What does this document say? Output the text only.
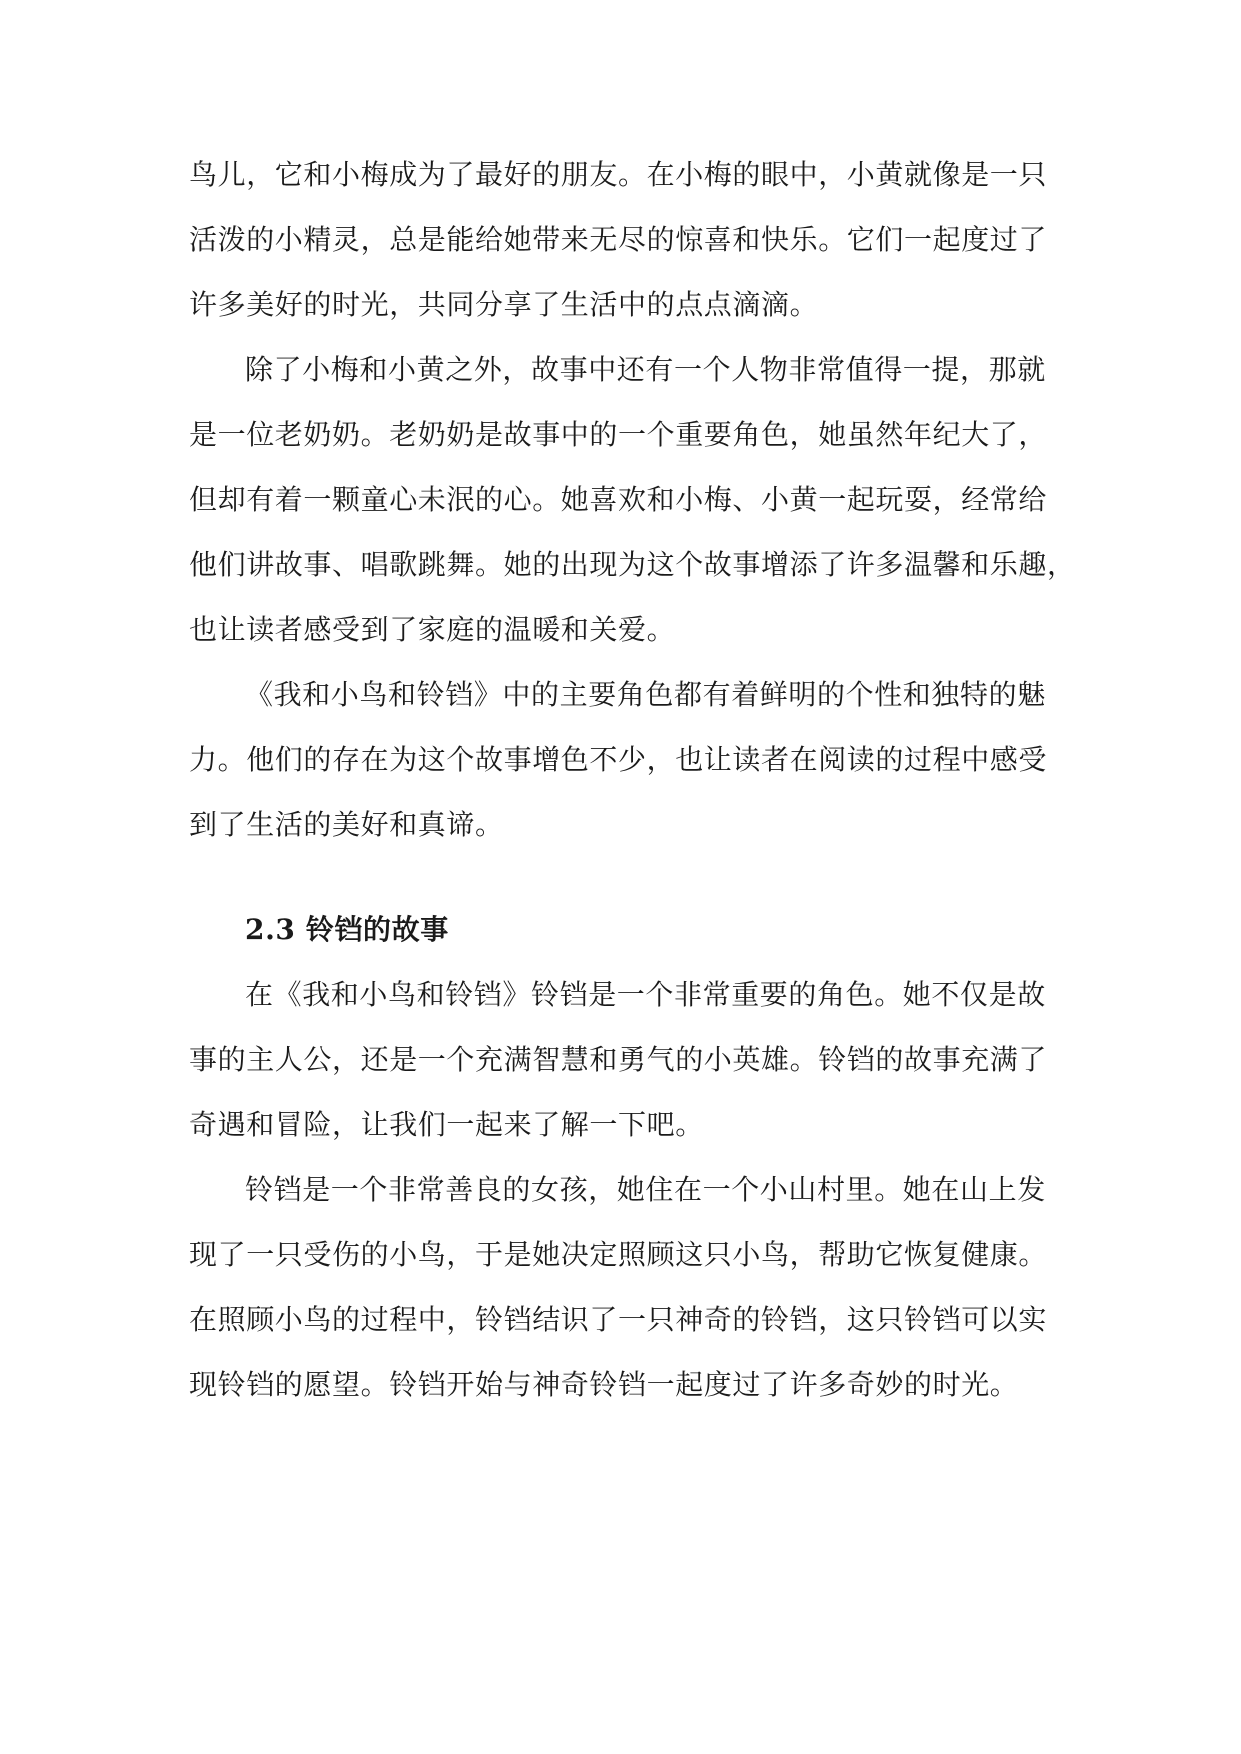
鸟儿，它和小梅成为了最好的朋友。在小梅的眼中，小黄就像是一只
活泼的小精灵，总是能给她带来无尽的惊喜和快乐。它们一起度过了
许多美好的时光，共同分享了生活中的点点滴滴。

除了小梅和小黄之外，故事中还有一个人物非常值得一提，那就
是一位老奶奶。老奶奶是故事中的一个重要角色，她虽然年纪大了，
但却有着一颗童心未泯的心。她喜欢和小梅、小黄一起玩耍，经常给
他们讲故事、唱歌跳舞。她的出现为这个故事增添了许多温馨和乐趣，
也让读者感受到了家庭的温暖和关爱。

《我和小鸟和铃铛》中的主要角色都有着鲜明的个性和独特的魅
力。他们的存在为这个故事增色不少，也让读者在阅读的过程中感受
到了生活的美好和真谛。

2.3 铃铛的故事

在《我和小鸟和铃铛》铃铛是一个非常重要的角色。她不仅是故
事的主人公，还是一个充满智慧和勇气的小英雄。铃铛的故事充满了
奇遇和冒险，让我们一起来了解一下吧。

铃铛是一个非常善良的女孩，她住在一个小山村里。她在山上发
现了一只受伤的小鸟，于是她决定照顾这只小鸟，帮助它恢复健康。
在照顾小鸟的过程中，铃铛结识了一只神奇的铃铛，这只铃铛可以实
现铃铛的愿望。铃铛开始与神奇铃铛一起度过了许多奇妙的时光。
